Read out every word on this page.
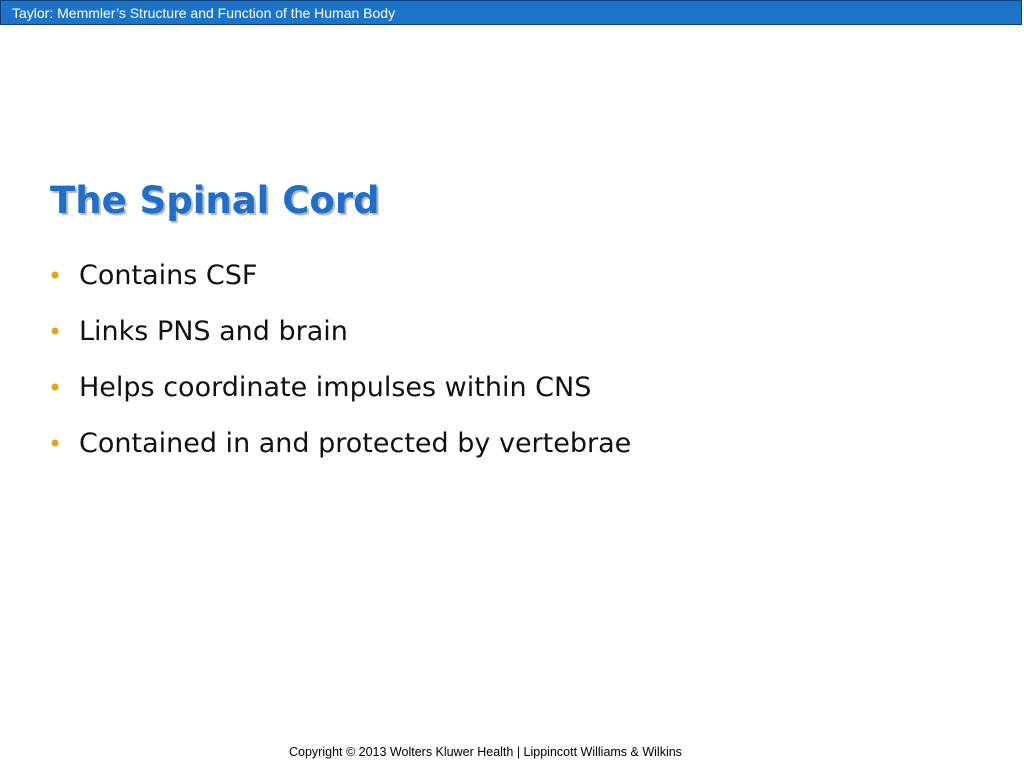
Taylor: Memmler’s Structure and Function of the Human Body
The Spinal Cord
• Contains CSF
• Links PNS and brain
• Helps coordinate impulses within CNS
• Contained in and protected by vertebrae
Copyright © 2013 Wolters Kluwer Health | Lippincott Williams & Wilkins
